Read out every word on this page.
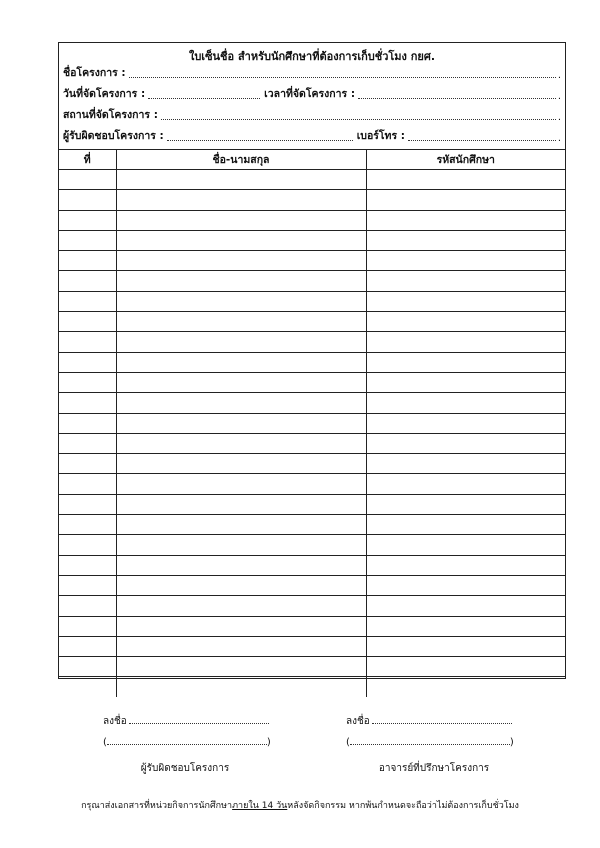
ใบเซ็นชื่อ สำหรับนักศึกษาที่ต้องการเก็บชั่วโมง กยศ.
ชื่อโครงการ :	.
วันที่จัดโครงการ :	เวลาที่จัดโครงการ :	.
สถานที่จัดโครงการ :	.
ผู้รับผิดชอบโครงการ :	เบอร์โทร :	.
ที่	ชื่อ-นามสกุล	รหัสนักศึกษา

ลงชื่อ
(	)
ผู้รับผิดชอบโครงการ
ลงชื่อ
(	)
อาจารย์ที่ปรึกษาโครงการ
กรุณาส่งเอกสารที่หน่วยกิจการนักศึกษาภายใน 14 วันหลังจัดกิจกรรม หากพ้นกำหนดจะถือว่าไม่ต้องการเก็บชั่วโมง
